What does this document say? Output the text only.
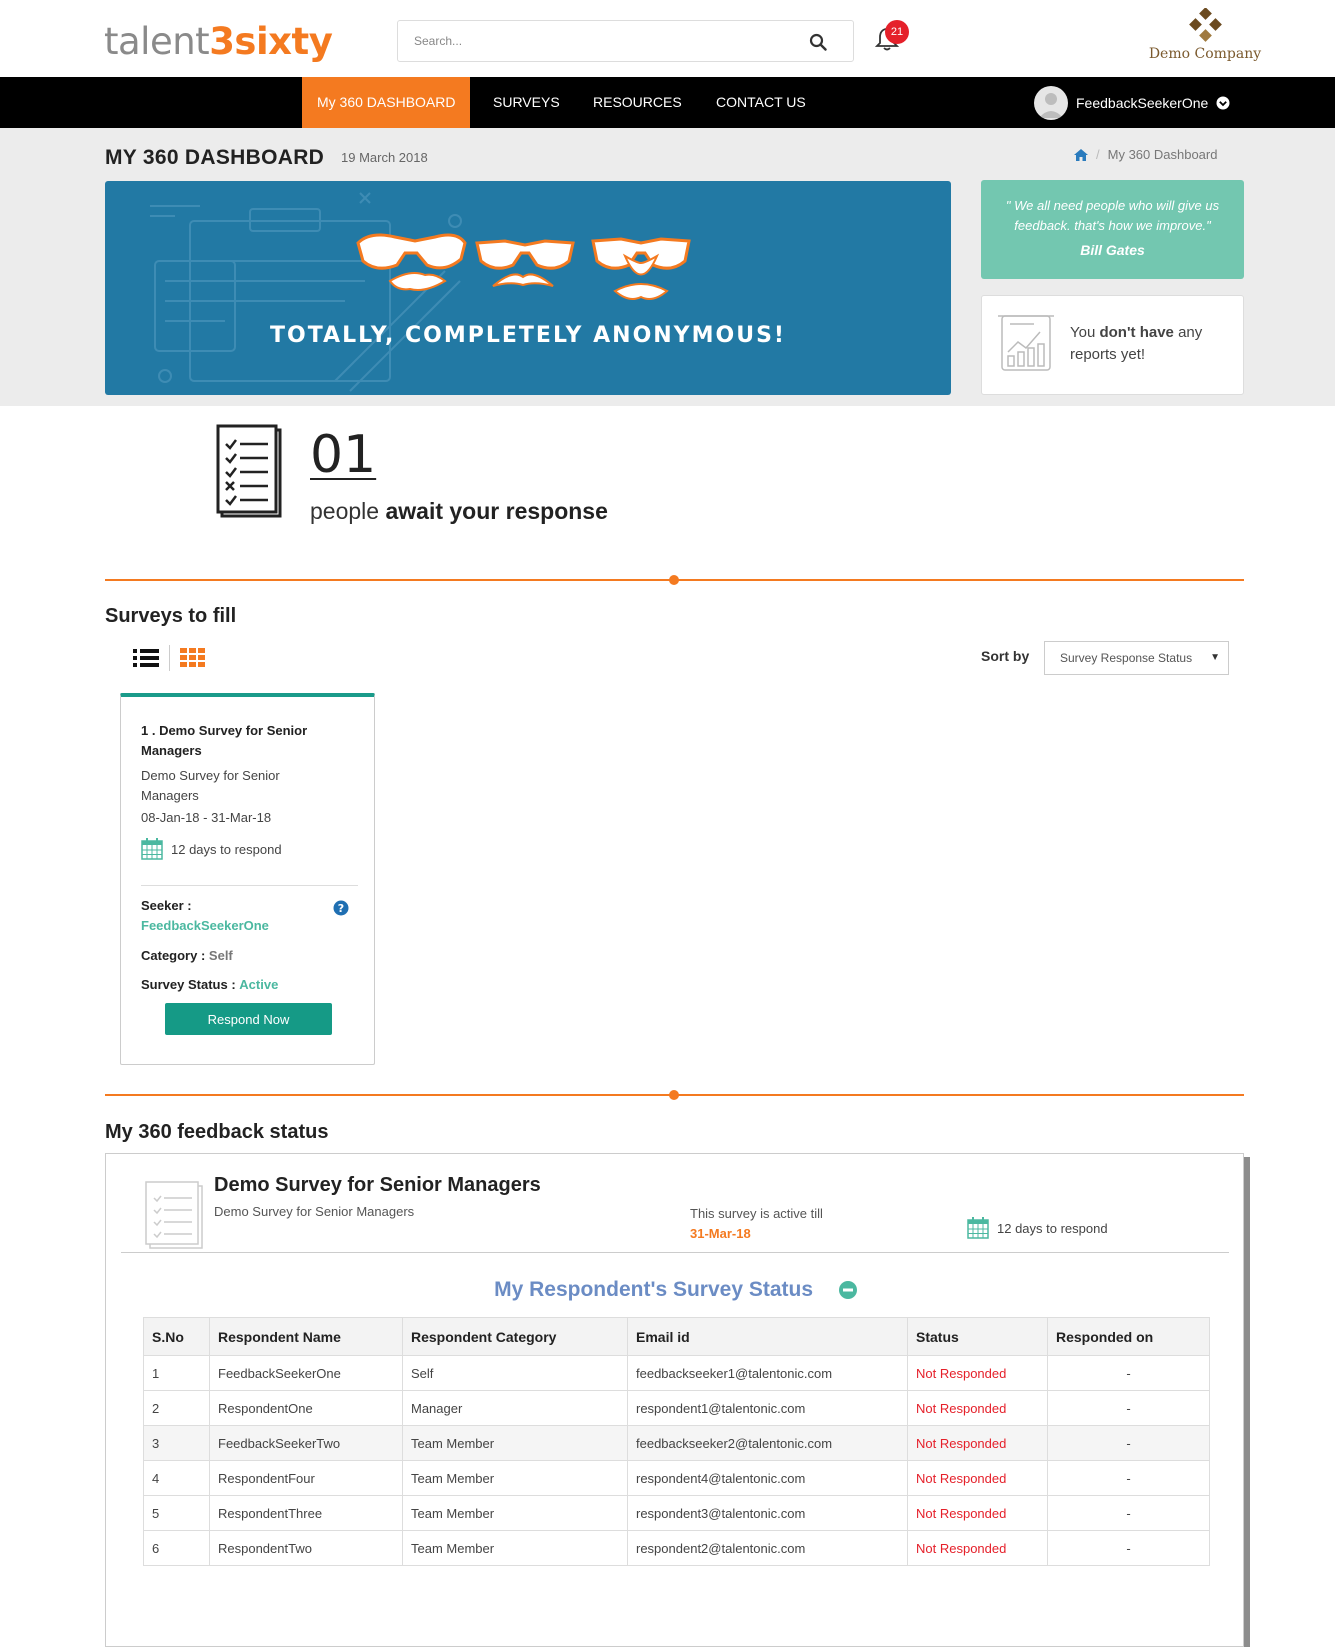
talent3sixty
Search...	21
Demo Company
My 360 DASHBOARD	SURVEYS RESOURCES CONTACT US	FeedbackSeekerOne
MY 360 DASHBOARD 19 March 2018	/ My 360 Dashboard
TOTALLY, COMPLETELY ANONYMOUS!
" We all need people who will give us feedback. that's how we improve."
Bill Gates
You don't have any reports yet!
01
people await your response
Surveys to fill
Sort by	Survey Response Status ▼
1 . Demo Survey for Senior Managers
Demo Survey for Senior Managers
08-Jan-18 - 31-Mar-18
12 days to respond
Seeker :
FeedbackSeekerOne
?
Category : Self
Survey Status : Active
Respond Now
My 360 feedback status
Demo Survey for Senior Managers
Demo Survey for Senior Managers	This survey is active till
31-Mar-18	12 days to respond
My Respondent's Survey Status
S.No	Respondent Name	Respondent Category	Email id	Status	Responded on
1	FeedbackSeekerOne	Self	feedbackseeker1@talentonic.com	Not Responded	-
2	RespondentOne	Manager	respondent1@talentonic.com	Not Responded	-
3	FeedbackSeekerTwo	Team Member	feedbackseeker2@talentonic.com	Not Responded	-
4	RespondentFour	Team Member	respondent4@talentonic.com	Not Responded	-
5	RespondentThree	Team Member	respondent3@talentonic.com	Not Responded	-
6	RespondentTwo	Team Member	respondent2@talentonic.com	Not Responded	-
